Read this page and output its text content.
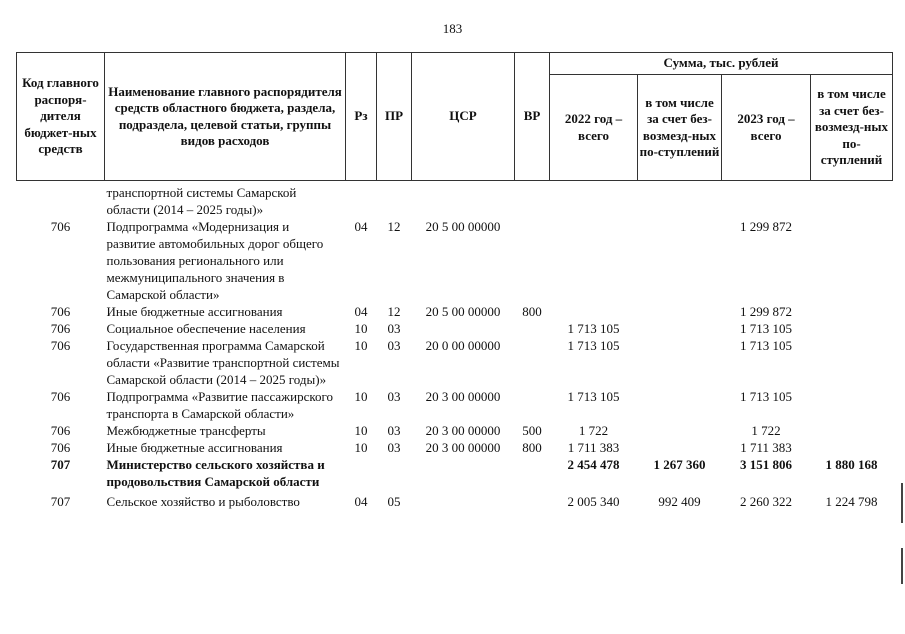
183
Код главного распоря-дителя бюджет-ных средств	Наименование главного распорядителя средств областного бюджета, раздела, подраздела, целевой статьи, группы видов расходов	Рз	ПР	ЦСР	ВР	Сумма, тыс. рублей			
						2022 год – всего	в том числе за счет без-возмезд-ных по-ступлений	2023 год – всего	в том числе за счет без-возмезд-ных по-ступлений
	транспортной системы Самарской области (2014 – 2025 годы)»								
706	Подпрограмма «Модернизация и развитие автомобильных дорог общего пользования регионального или межмуниципального значения в Самарской области»	04	12	20 5 00 00000				1 299 872	
706	Иные бюджетные ассигнования	04	12	20 5 00 00000	800			1 299 872	
706	Социальное обеспечение населения	10	03			1 713 105		1 713 105	
706	Государственная программа Самарской области «Развитие транспортной системы Самарской области (2014 – 2025 годы)»	10	03	20 0 00 00000		1 713 105		1 713 105	
706	Подпрограмма «Развитие пассажирского транспорта в Самарской области»	10	03	20 3 00 00000		1 713 105		1 713 105	
706	Межбюджетные трансферты	10	03	20 3 00 00000	500	1 722		1 722	
706	Иные бюджетные ассигнования	10	03	20 3 00 00000	800	1 711 383		1 711 383	
707	Министерство сельского хозяйства и продовольствия Самарской области					2 454 478	1 267 360	3 151 806	1 880 168
707	Сельское хозяйство и рыболовство	04	05			2 005 340	992 409	2 260 322	1 224 798
